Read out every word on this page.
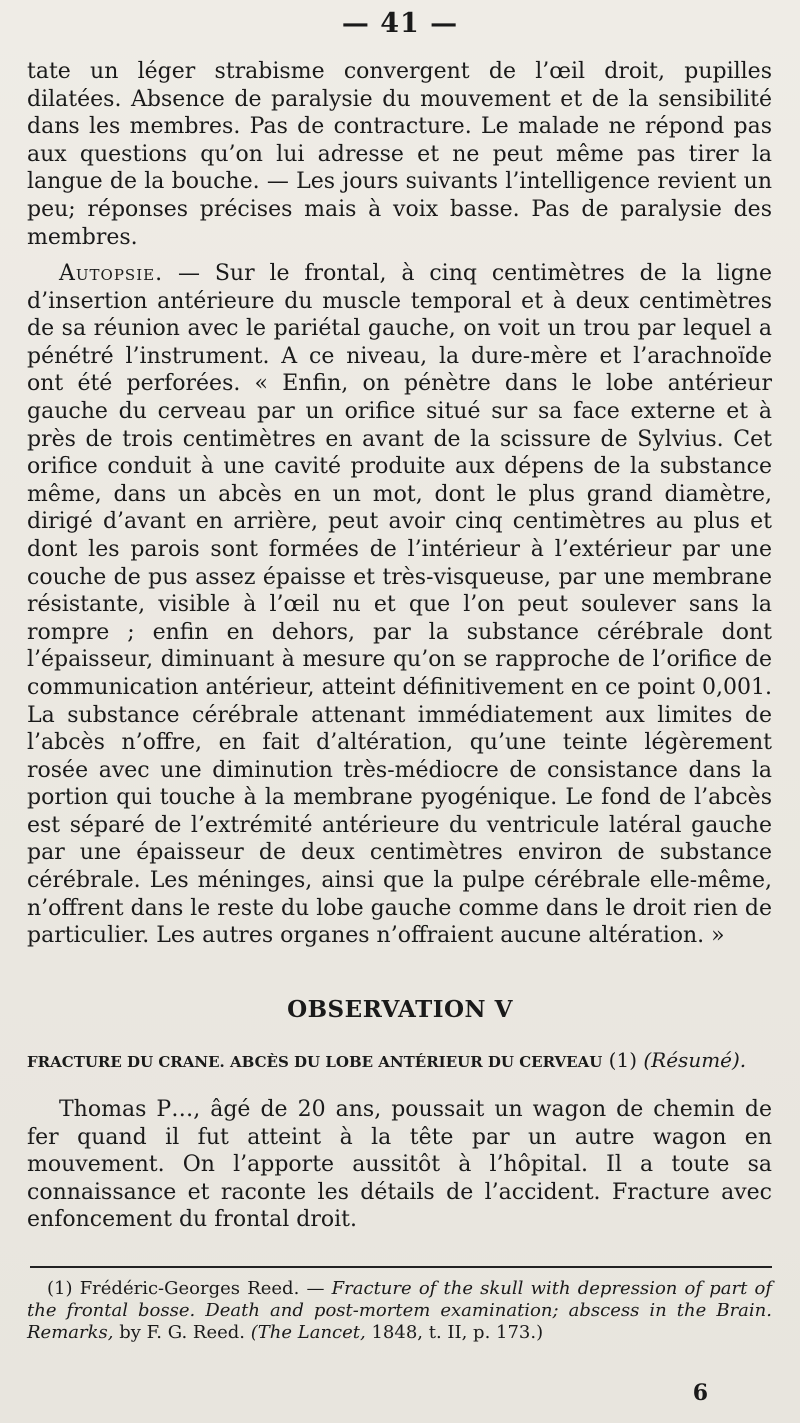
— 41 —
tate un léger strabisme convergent de l’œil droit, pupilles dilatées. Absence de paralysie du mouvement et de la sensibilité dans les membres. Pas de contracture. Le malade ne répond pas aux questions qu’on lui adresse et ne peut même pas tirer la langue de la bouche. — Les jours suivants l’intelligence revient un peu; réponses précises mais à voix basse. Pas de paralysie des membres.
Autopsie. — Sur le frontal, à cinq centimètres de la ligne d’insertion antérieure du muscle temporal et à deux centimètres de sa réunion avec le pariétal gauche, on voit un trou par lequel a pénétré l’instrument. A ce niveau, la dure-mère et l’arachnoïde ont été perforées. « Enfin, on pénètre dans le lobe antérieur gauche du cerveau par un orifice situé sur sa face externe et à près de trois centimètres en avant de la scissure de Sylvius. Cet orifice conduit à une cavité produite aux dépens de la substance même, dans un abcès en un mot, dont le plus grand diamètre, dirigé d’avant en arrière, peut avoir cinq centimètres au plus et dont les parois sont formées de l’intérieur à l’extérieur par une couche de pus assez épaisse et très-visqueuse, par une membrane résistante, visible à l’œil nu et que l’on peut soulever sans la rompre ; enfin en dehors, par la substance cérébrale dont l’épaisseur, diminuant à mesure qu’on se rapproche de l’orifice de communication antérieur, atteint définitivement en ce point 0,001. La substance cérébrale attenant immédiatement aux limites de l’abcès n’offre, en fait d’altération, qu’une teinte légèrement rosée avec une diminution très-médiocre de consistance dans la portion qui touche à la membrane pyogénique. Le fond de l’abcès est séparé de l’extrémité antérieure du ventricule latéral gauche par une épaisseur de deux centimètres environ de substance cérébrale. Les méninges, ainsi que la pulpe cérébrale elle-même, n’offrent dans le reste du lobe gauche comme dans le droit rien de particulier. Les autres organes n’offraient aucune altération. »
OBSERVATION V
FRACTURE DU CRANE. ABCÈS DU LOBE ANTÉRIEUR DU CERVEAU (1) (Résumé).
Thomas P…, âgé de 20 ans, poussait un wagon de chemin de fer quand il fut atteint à la tête par un autre wagon en mouvement. On l’apporte aussitôt à l’hôpital. Il a toute sa connaissance et raconte les détails de l’accident. Fracture avec enfoncement du frontal droit.
(1) Frédéric-Georges Reed. — Fracture of the skull with depression of part of the frontal bosse. Death and post-mortem examination; abscess in the Brain. Remarks, by F. G. Reed. (The Lancet, 1848, t. II, p. 173.)
6
